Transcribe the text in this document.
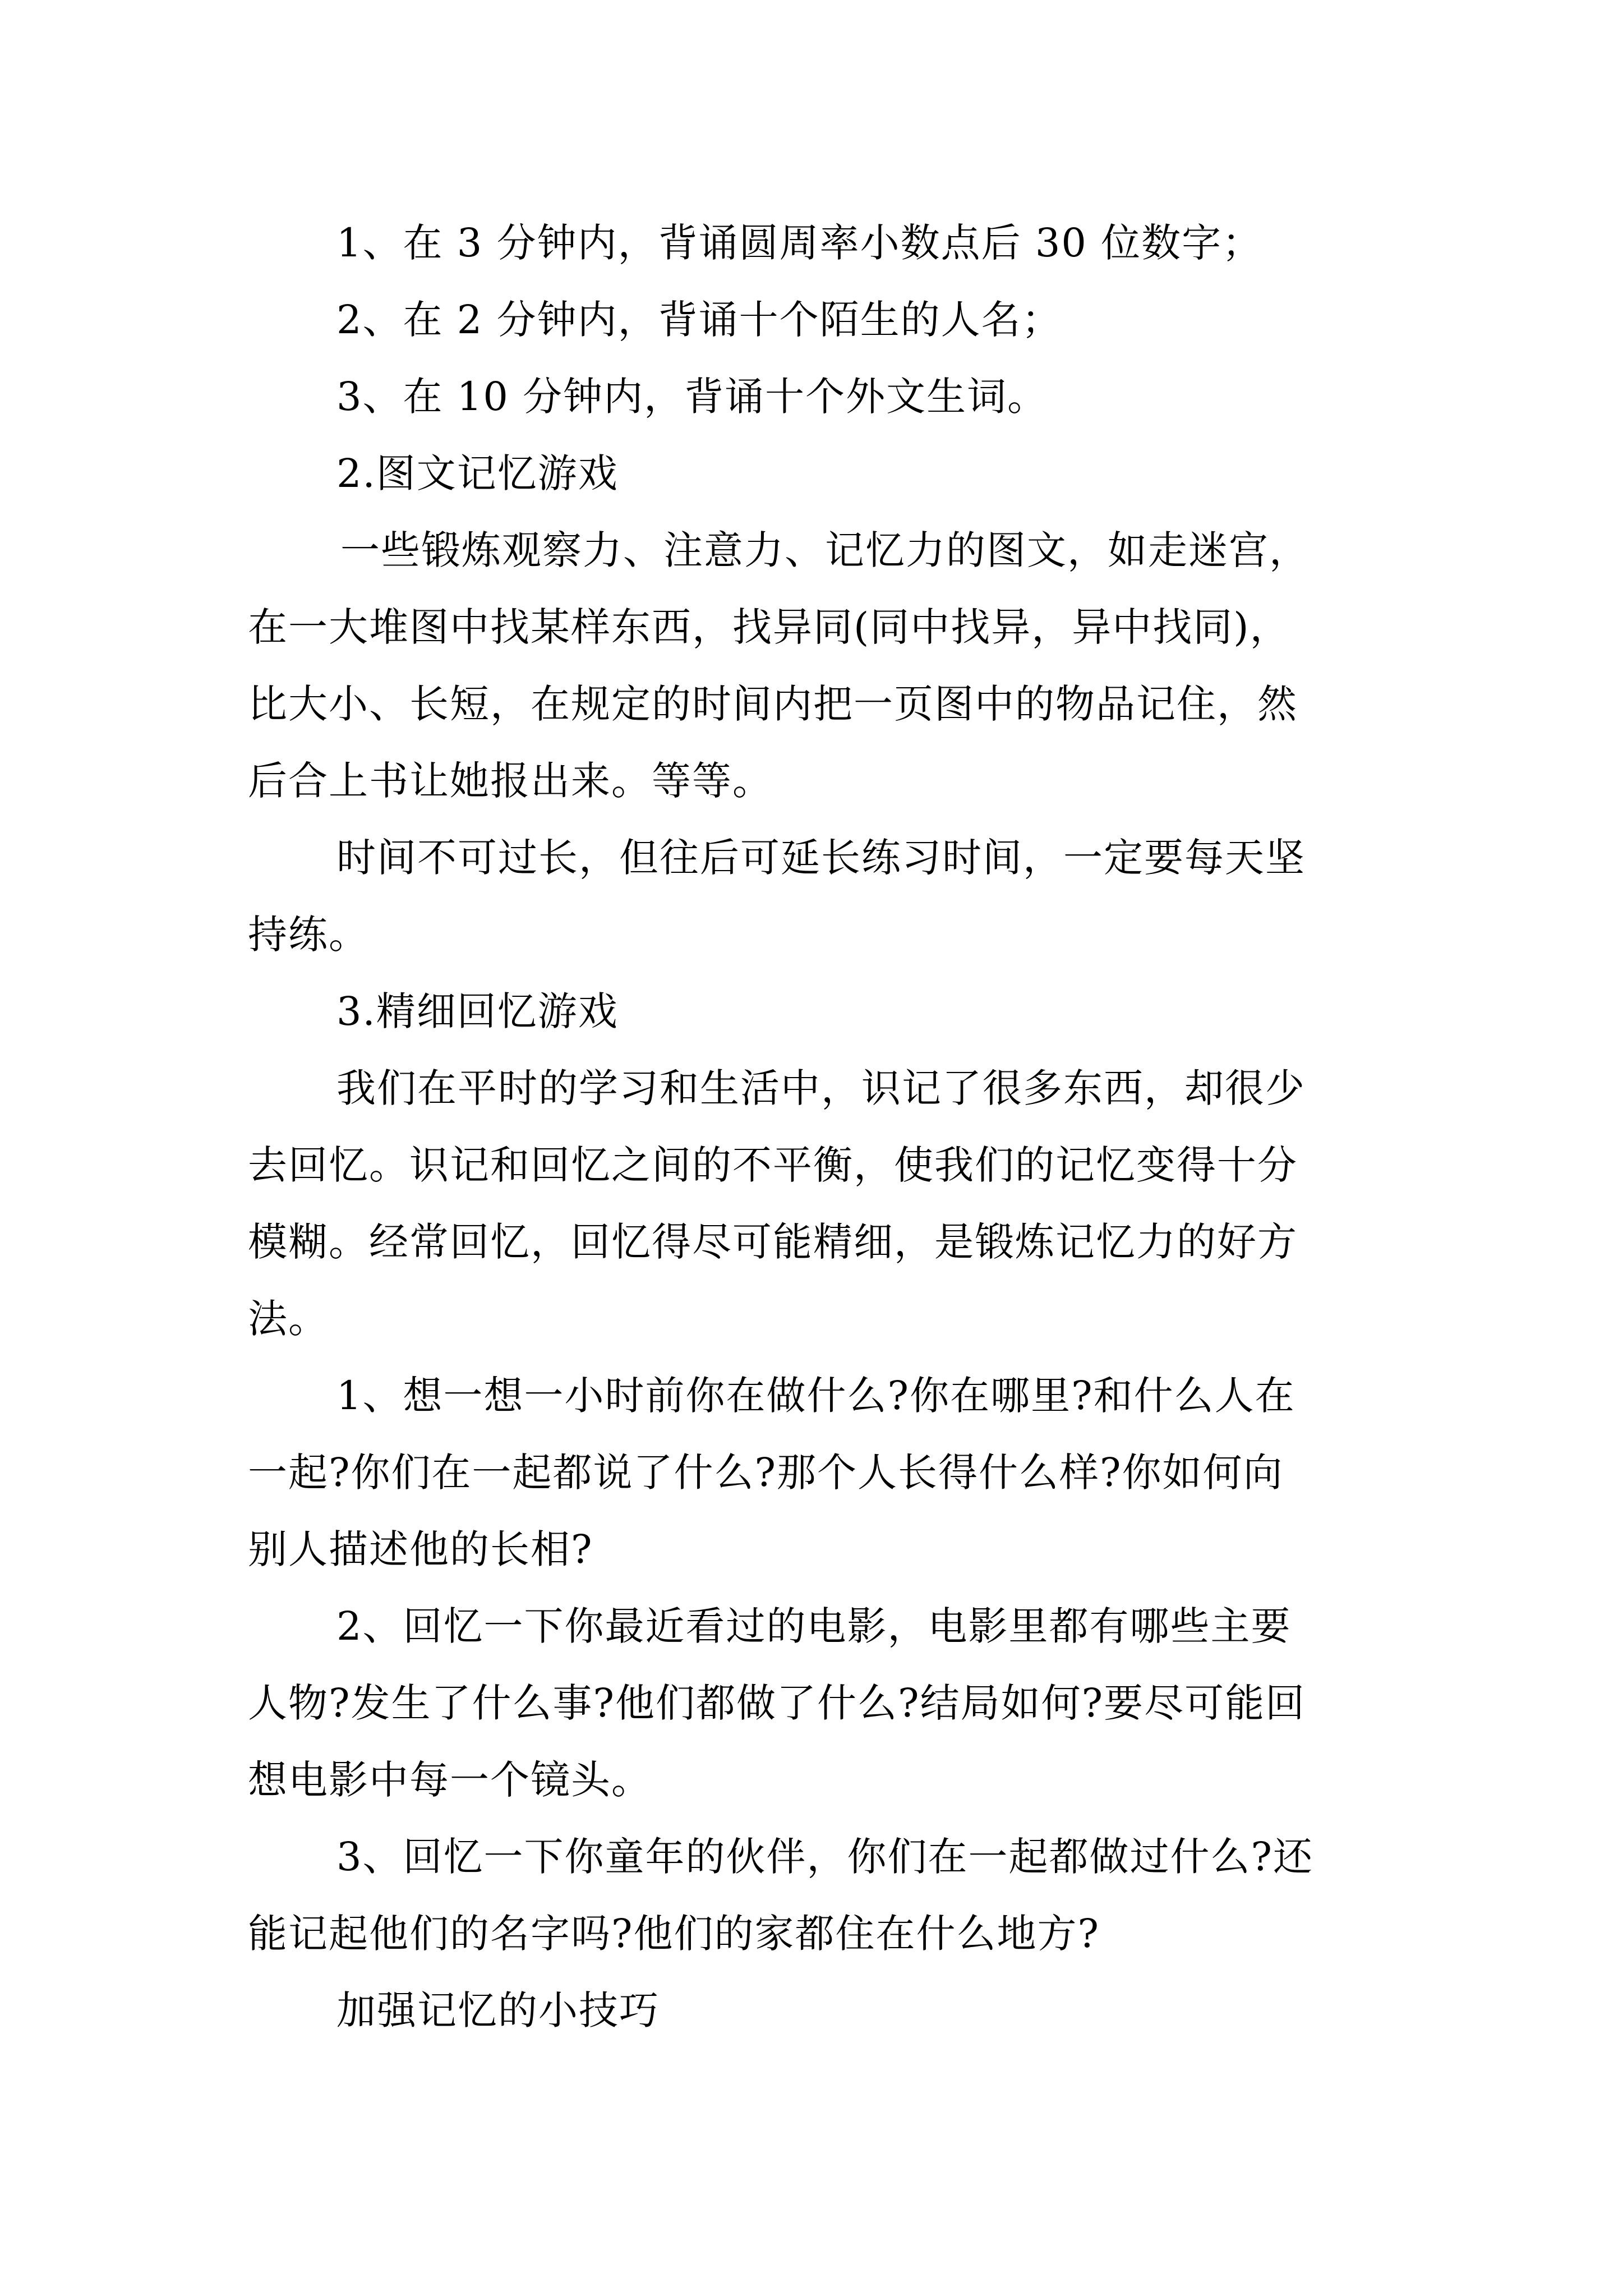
1、在 3 分钟内，背诵圆周率小数点后 30 位数字；
2、在 2 分钟内，背诵十个陌生的人名；
3、在 10 分钟内，背诵十个外文生词。
2.图文记忆游戏
一些锻炼观察力、注意力、记忆力的图文，如走迷宫，
在一大堆图中找某样东西，找异同(同中找异，异中找同)，
比大小、长短，在规定的时间内把一页图中的物品记住，然
后合上书让她报出来。等等。
时间不可过长，但往后可延长练习时间，一定要每天坚
持练。
3.精细回忆游戏
我们在平时的学习和生活中，识记了很多东西，却很少
去回忆。识记和回忆之间的不平衡，使我们的记忆变得十分
模糊。经常回忆，回忆得尽可能精细，是锻炼记忆力的好方
法。
1、想一想一小时前你在做什么?你在哪里?和什么人在
一起?你们在一起都说了什么?那个人长得什么样?你如何向
别人描述他的长相?
2、回忆一下你最近看过的电影，电影里都有哪些主要
人物?发生了什么事?他们都做了什么?结局如何?要尽可能回
想电影中每一个镜头。
3、回忆一下你童年的伙伴，你们在一起都做过什么?还
能记起他们的名字吗?他们的家都住在什么地方?
加强记忆的小技巧
